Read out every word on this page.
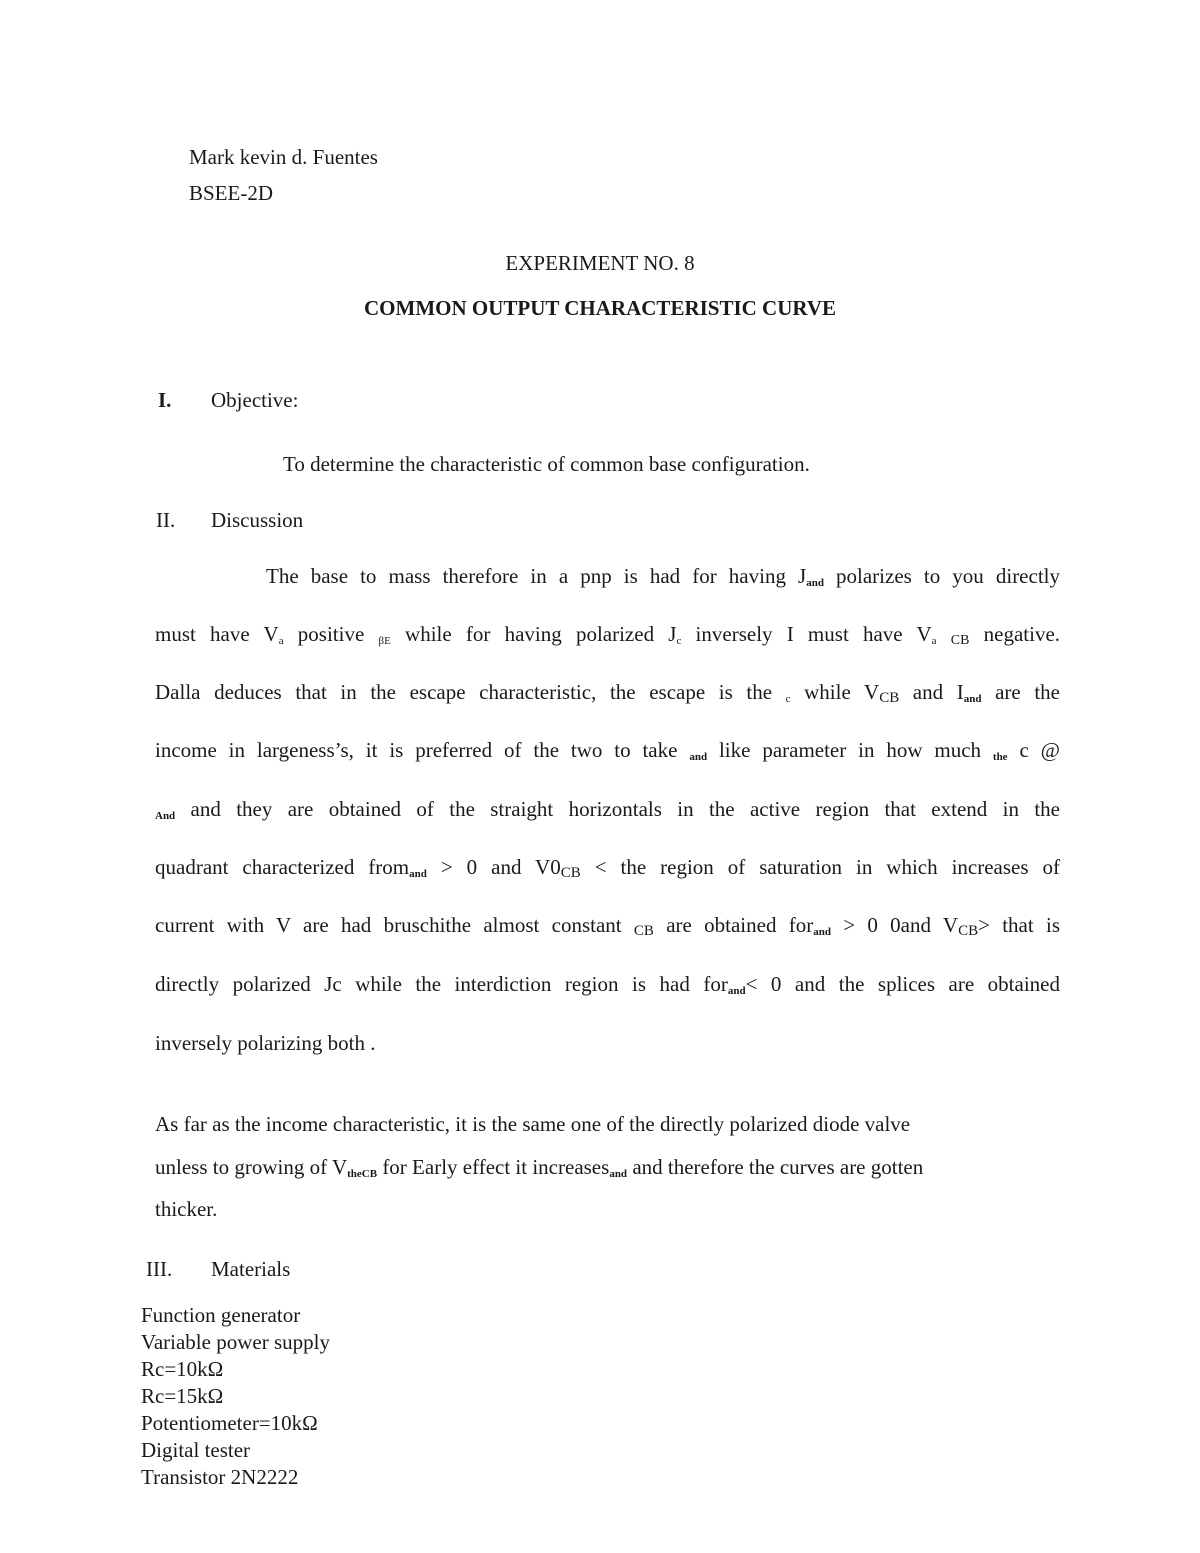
Mark kevin d. Fuentes
BSEE-2D
EXPERIMENT NO. 8
COMMON OUTPUT CHARACTERISTIC CURVE
I. Objective:
To determine the characteristic of common base configuration.
II. Discussion
The base to mass therefore in a pnp is had for having $J_{and}$ polarizes to you directly
must have $V_a$ positive $_{\beta E}$ while for having polarized $J_c$ inversely I must have $V_a$ $_{CB}$ negative.
Dalla deduces that in the escape characteristic, the escape is the $_c$ while $V_{CB}$ and $I_{and}$ are the
income in largeness’s, it is preferred of the two to take $_{and}$ like parameter in how much $_{the}$ c @
$_{And}$ and they are obtained of the straight horizontals in the active region that extend in the
quadrant characterized from$_{and}$ > 0 and $V0_{CB}$ < the region of saturation in which increases of
current with V are had bruschithe almost constant $_{CB}$ are obtained for$_{and}$ > 0 0and $V_{CB}>$ that is
directly polarized Jc while the interdiction region is had for$_{and}$< 0 and the splices are obtained
inversely polarizing both .
As far as the income characteristic, it is the same one of the directly polarized diode valve
unless to growing of $V_{theCB}$ for Early effect it increases$_{and}$ and therefore the curves are gotten
thicker.
III. Materials
Function generator
Variable power supply
Rc=10kΩ
Rc=15kΩ
Potentiometer=10kΩ
Digital tester
Transistor 2N2222
